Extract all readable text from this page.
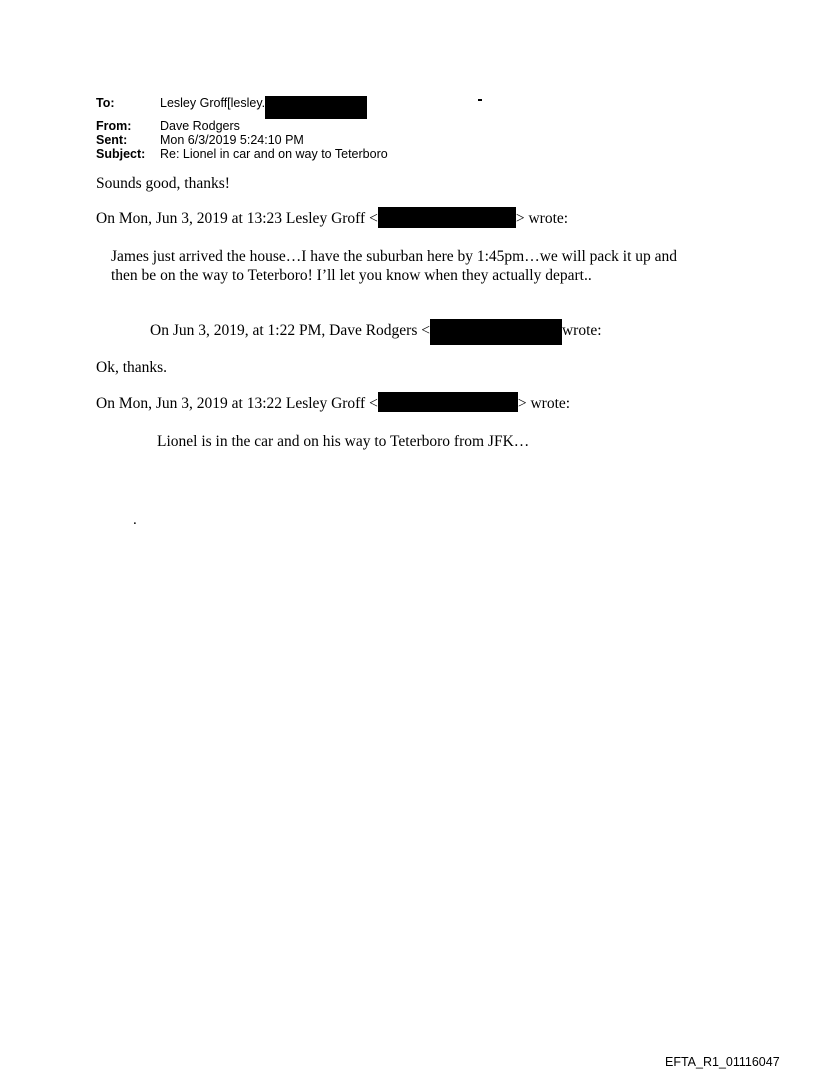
To:	Lesley Groff[lesley.
From:	Dave Rodgers
Sent:	Mon 6/3/2019 5:24:10 PM
Subject:	Re: Lionel in car and on way to Teterboro
Sounds good, thanks!
On Mon, Jun 3, 2019 at 13:23 Lesley Groff <	> wrote:
James just arrived the house…I have the suburban here by 1:45pm…we will pack it up and
then be on the way to Teterboro! I’ll let you know when they actually depart..
On Jun 3, 2019, at 1:22 PM, Dave Rodgers <	wrote:
Ok, thanks.
On Mon, Jun 3, 2019 at 13:22 Lesley Groff <	> wrote:
Lionel is in the car and on his way to Teterboro from JFK…
.
EFTA_R1_01116047
